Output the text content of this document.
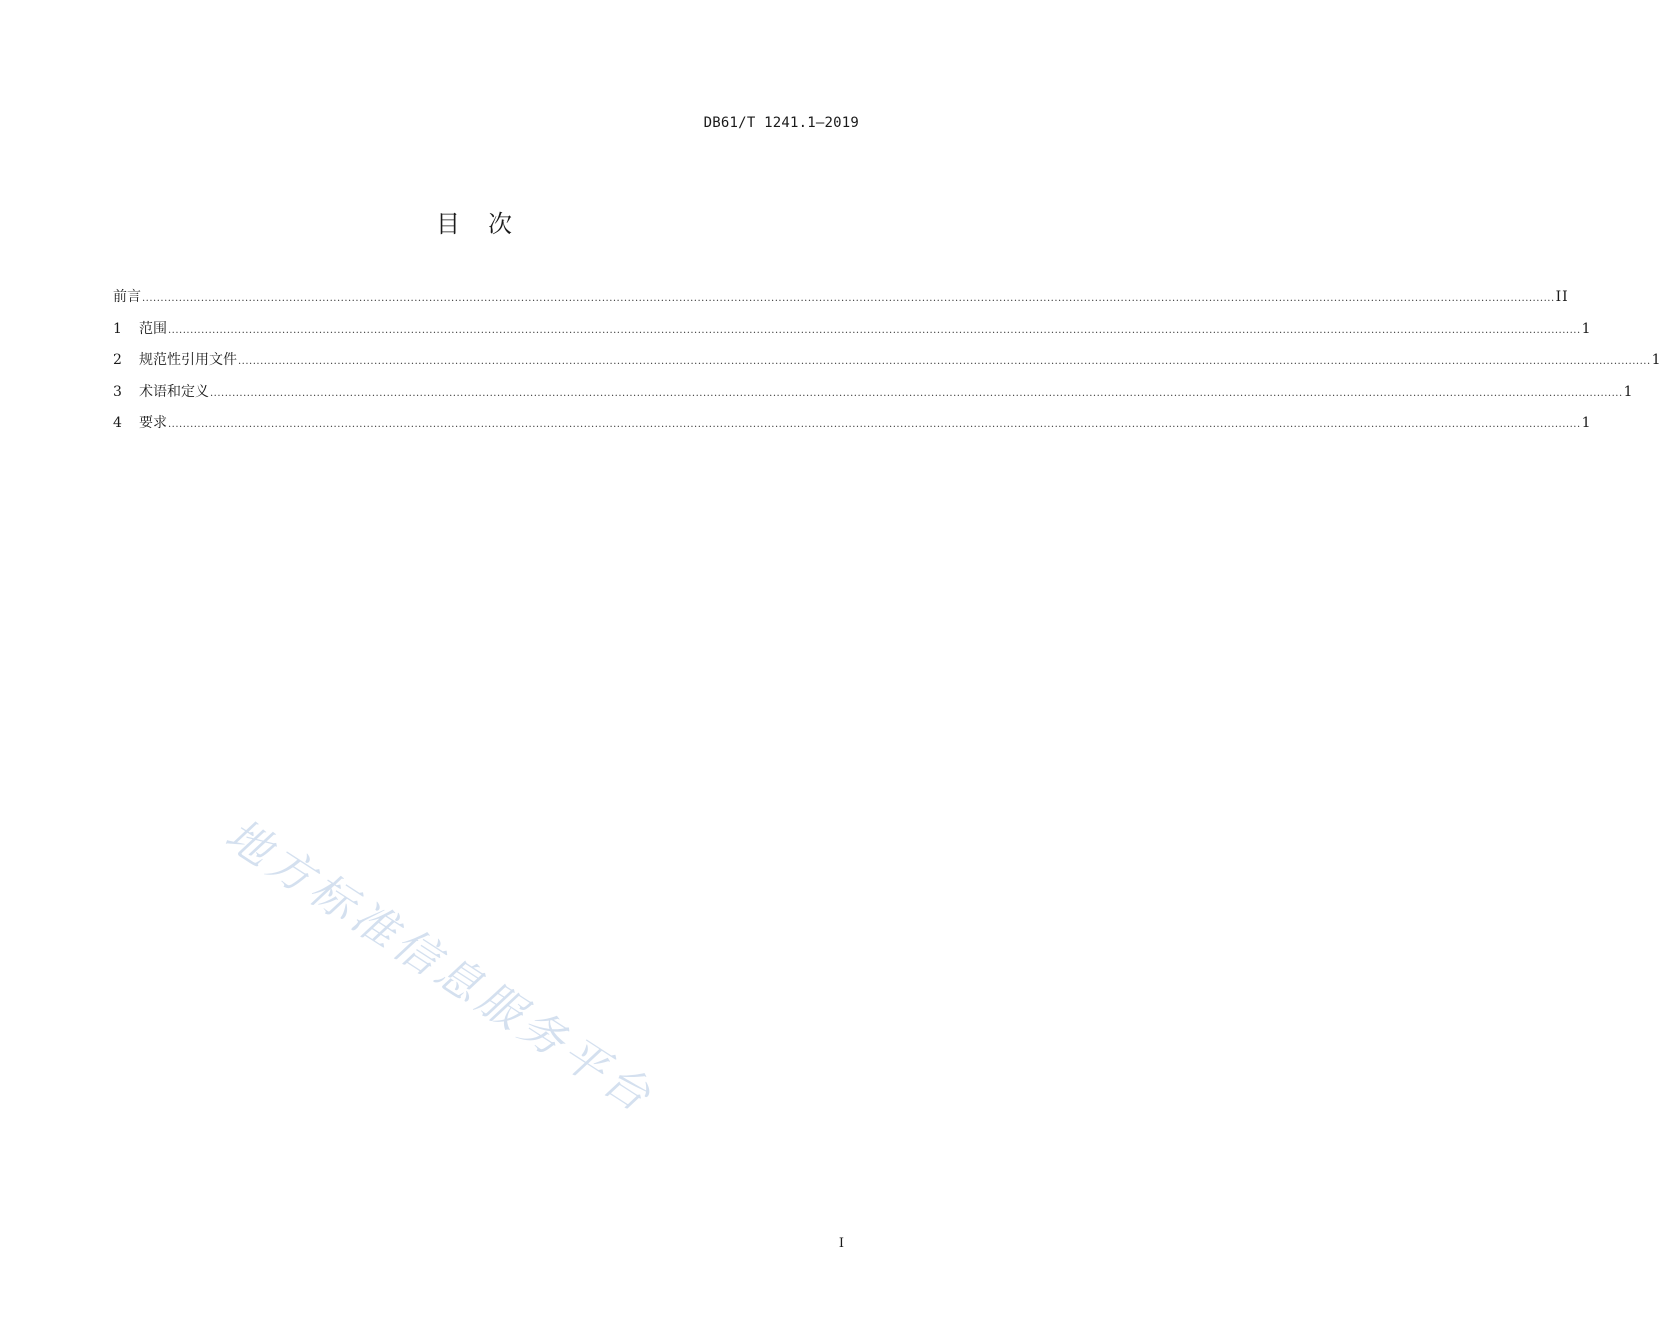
DB61/T 1241.1—2019
目　次
前言 ................................................................................................................................................................................................................................................................................................................................................................................................ II
1	范围 ................................................................................................................................................................................................................................................................................................................................................................................................ 1
2	规范性引用文件 ................................................................................................................................................................................................................................................................................................................................................................................................ 1
3	术语和定义 ................................................................................................................................................................................................................................................................................................................................................................................................ 1
4	要求 ................................................................................................................................................................................................................................................................................................................................................................................................ 1
地方标准信息服务平台
I
